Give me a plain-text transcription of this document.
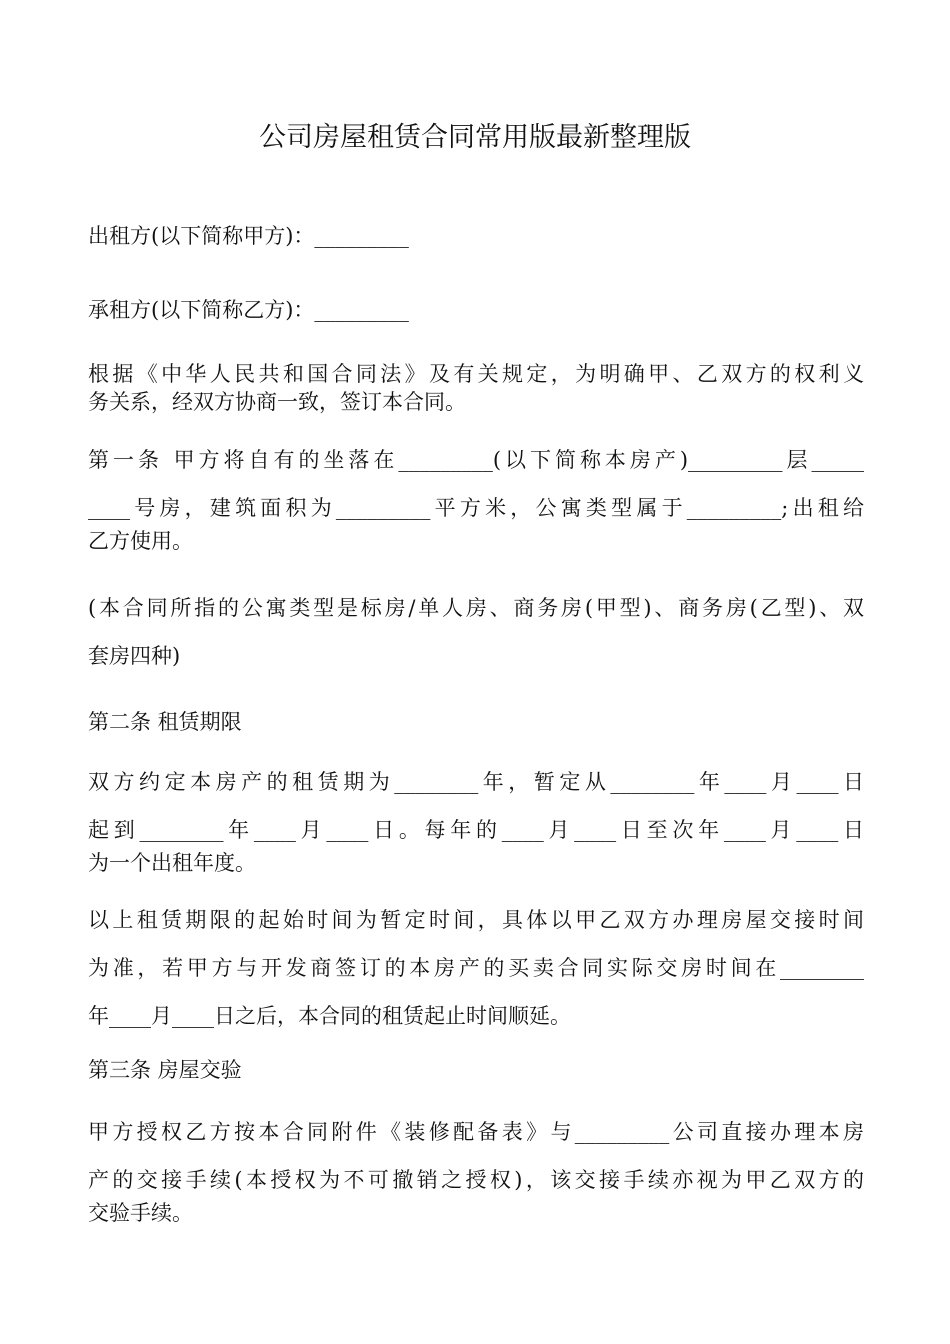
公司房屋租赁合同常用版最新整理版
出租方(以下简称甲方)：_________
承租方(以下简称乙方)：_________
根据《中华人民共和国合同法》及有关规定，为明确甲、乙双方的权利义
务关系，经双方协商一致，签订本合同。
第一条 甲方将自有的坐落在_________(以下简称本房产)_________层_____
____号房，建筑面积为_________平方米，公寓类型属于_________;出租给
乙方使用。
(本合同所指的公寓类型是标房/单人房、商务房(甲型)、商务房(乙型)、双
套房四种)
第二条 租赁期限
双方约定本房产的租赁期为________年，暂定从________年____月____日
起到________年____月____日。每年的____月____日至次年____月____日
为一个出租年度。
以上租赁期限的起始时间为暂定时间，具体以甲乙双方办理房屋交接时间
为准，若甲方与开发商签订的本房产的买卖合同实际交房时间在________
年____月____日之后，本合同的租赁起止时间顺延。
第三条 房屋交验
甲方授权乙方按本合同附件《装修配备表》与_________公司直接办理本房
产的交接手续(本授权为不可撤销之授权)，该交接手续亦视为甲乙双方的
交验手续。
